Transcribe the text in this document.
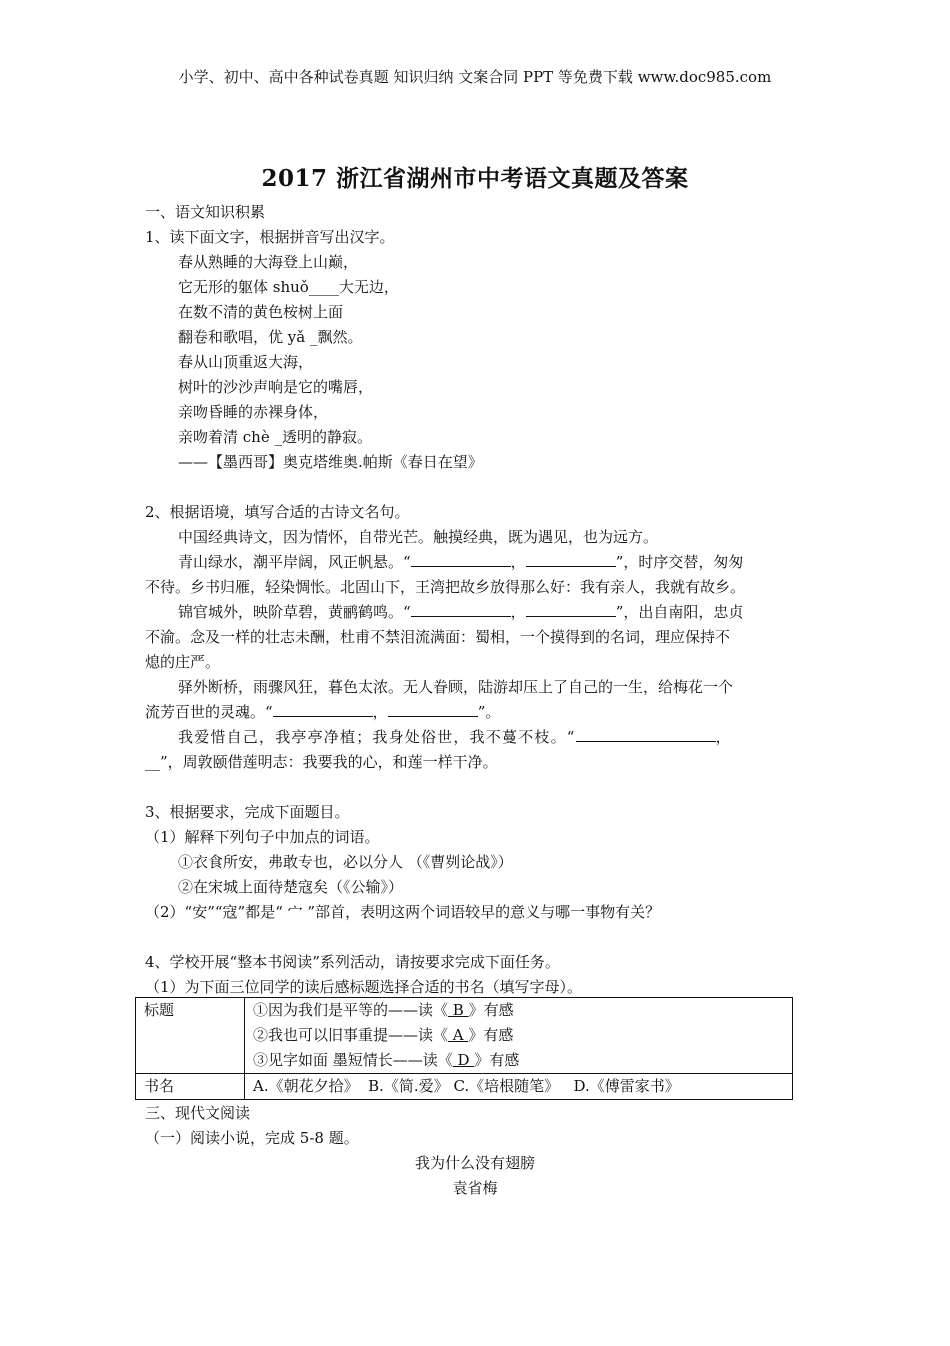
小学、初中、高中各种试卷真题 知识归纳 文案合同 PPT 等免费下载 www.doc985.com
2017 浙江省湖州市中考语文真题及答案
一、语文知识积累
1、读下面文字，根据拼音写出汉字。
春从熟睡的大海登上山巅，
它无形的躯体 shuǒ____大无边，
在数不清的黄色桉树上面
翻卷和歌唱，优 yǎ _飘然。
春从山顶重返大海，
树叶的沙沙声响是它的嘴唇，
亲吻昏睡的赤裸身体，
亲吻着清 chè _透明的静寂。
——【墨西哥】奥克塔维奥.帕斯《春日在望》
2、根据语境，填写合适的古诗文名句。
中国经典诗文，因为情怀，自带光芒。触摸经典，既为遇见，也为远方。
青山绿水，潮平岸阔，风正帆悬。“	，	”，时序交替，匆匆
不待。乡书归雁，轻染惆怅。北固山下，王湾把故乡放得那么好：我有亲人，我就有故乡。
锦官城外，映阶草碧，黄鹂鹤鸣。“	，	”，出自南阳，忠贞
不渝。念及一样的壮志未酬，杜甫不禁泪流满面：蜀相，一个摸得到的名词，理应保持不
熄的庄严。
驿外断桥，雨骤风狂，暮色太浓。无人眷顾，陆游却压上了自己的一生，给梅花一个
流芳百世的灵魂。“	，	”。
我爱惜自己，我亭亭净植；我身处俗世，我不蔓不枝。“	，
__”，周敦颐借莲明志：我要我的心，和莲一样干净。
3、根据要求，完成下面题目。
（1）解释下列句子中加点的词语。
①衣食所安，弗敢专也，必以分人 （《曹刿论战》）
②在宋城上面待楚寇矣（《公输》）
（2）“安”“寇”都是“ 宀 ”部首，表明这两个词语较早的意义与哪一事物有关？
4、学校开展“整本书阅读”系列活动，请按要求完成下面任务。
（1）为下面三位同学的读后感标题选择合适的书名（填写字母）。
标题	①因为我们是平等的——读《 B 》有感
②我也可以旧事重提——读《 A 》有感
③见字如面 墨短情长——读《 D 》有感

书名	A.《朝花夕拾》  B.《简.爱》 C.《培根随笔》   D.《傅雷家书》
三、现代文阅读
（一）阅读小说，完成 5-8 题。
我为什么没有翅膀
袁省梅
